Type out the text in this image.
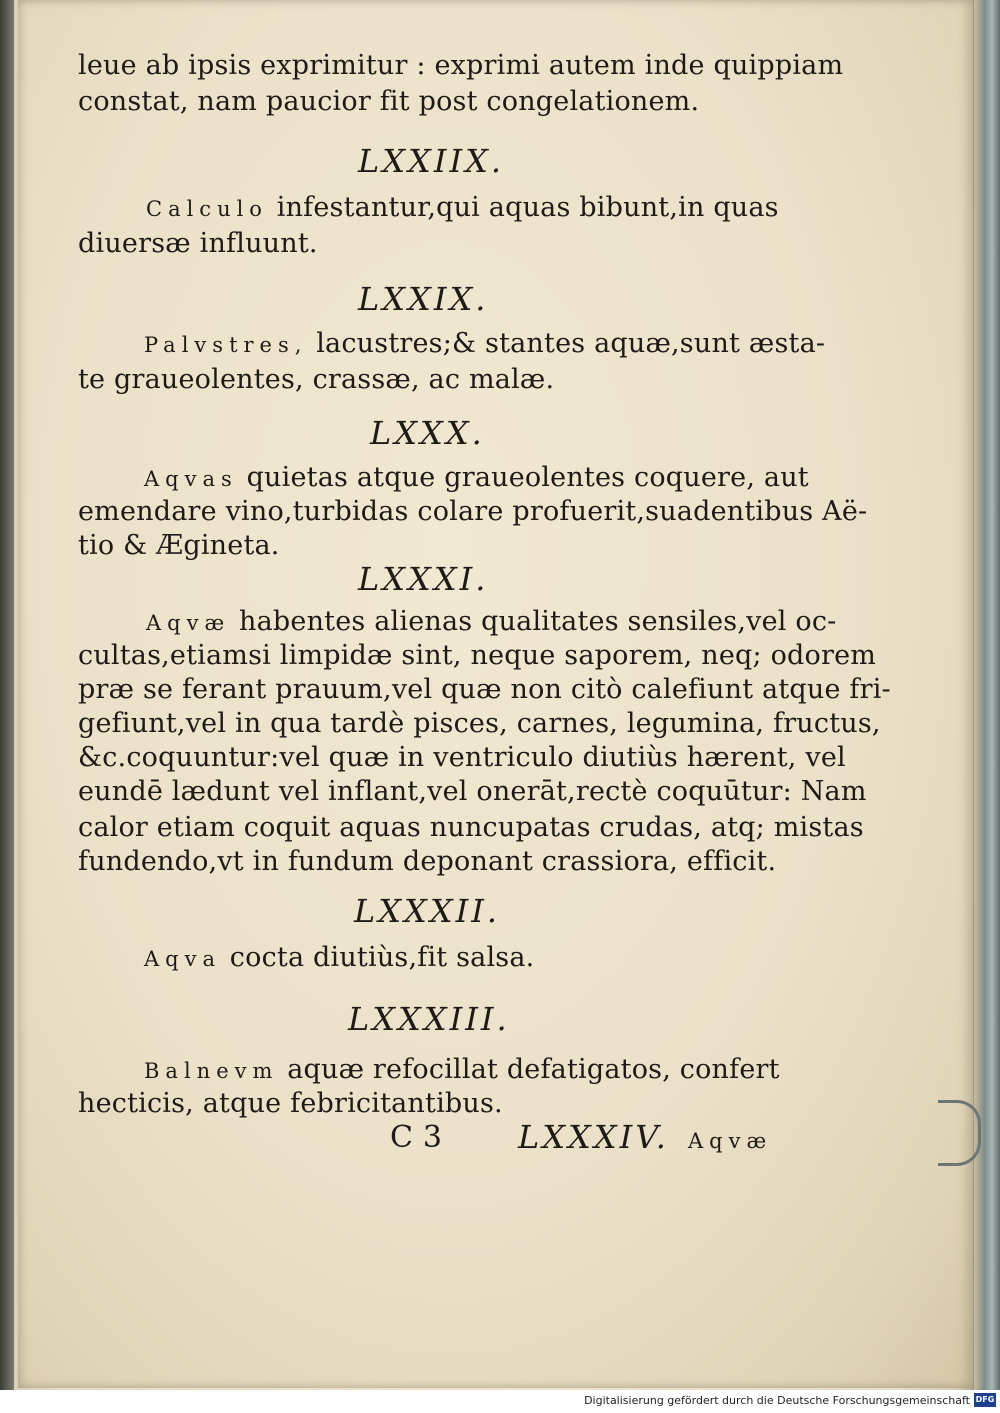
leue ab ipsis exprimitur : exprimi autem inde quippiam
constat, nam paucior fit post congelationem.
LXXIIX.
Calculo infestantur,qui aquas bibunt,in quas
diuersæ influunt.
LXXIX.
Palvstres, lacustres;& stantes aquæ,sunt æsta-
te graueolentes, crassæ, ac malæ.
LXXX.
Aqvas quietas atque graueolentes coquere, aut
emendare vino,turbidas colare profuerit,suadentibus Aë-
tio & Ægineta.
LXXXI.
Aqvæ habentes alienas qualitates sensiles,vel oc-
cultas,etiamsi limpidæ sint, neque saporem, neq; odorem
præ se ferant prauum,vel quæ non citò calefiunt atque fri-
gefiunt,vel in qua tardè pisces, carnes, legumina, fructus,
&c.coquuntur:vel quæ in ventriculo diutiùs hærent, vel
eundē lædunt vel inflant,vel onerāt,rectè coquūtur: Nam
calor etiam coquit aquas nuncupatas crudas, atq; mistas
fundendo,vt in fundum deponant crassiora, efficit.
LXXXII.
Aqva cocta diutiùs,fit salsa.
LXXXIII.
Balnevm aquæ refocillat defatigatos, confert
hecticis, atque febricitantibus.
C 3 LXXXIV. Aqvæ
Digitalisierung gefördert durch die Deutsche Forschungsgemeinschaft DFG
